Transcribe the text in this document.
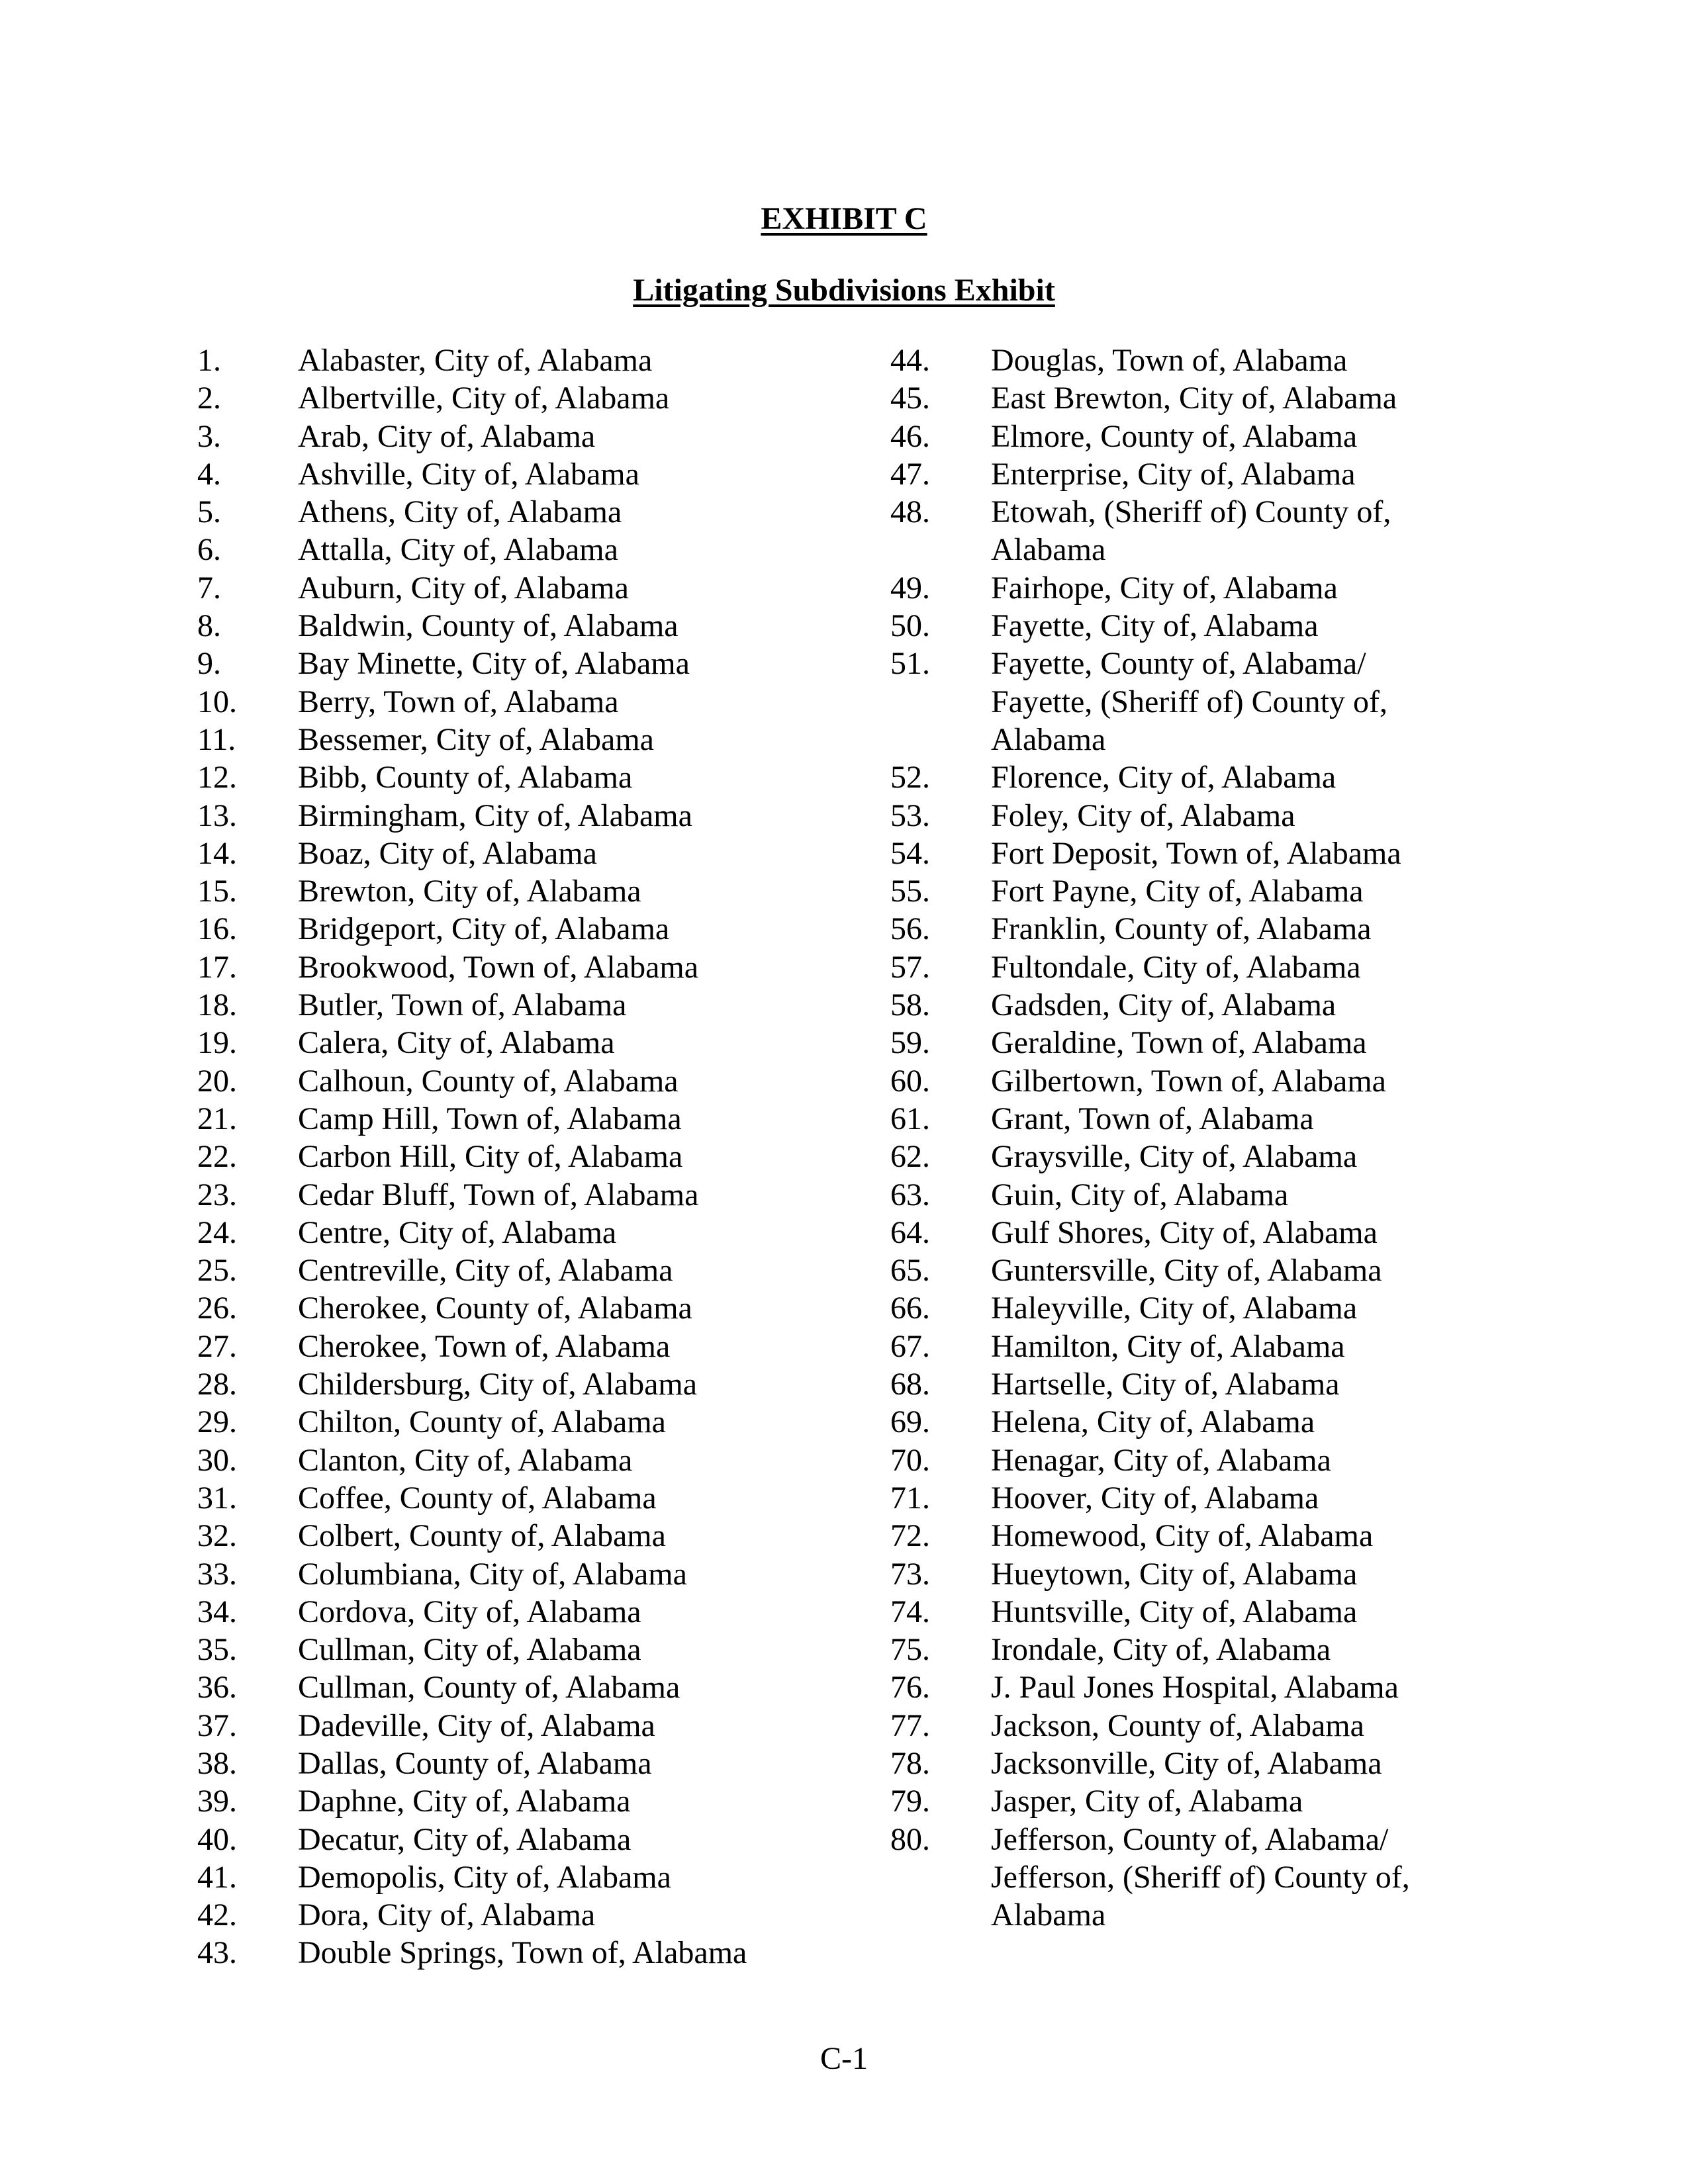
EXHIBIT C
Litigating Subdivisions Exhibit
1. Alabaster, City of, Alabama
2. Albertville, City of, Alabama
3. Arab, City of, Alabama
4. Ashville, City of, Alabama
5. Athens, City of, Alabama
6. Attalla, City of, Alabama
7. Auburn, City of, Alabama
8. Baldwin, County of, Alabama
9. Bay Minette, City of, Alabama
10. Berry, Town of, Alabama
11. Bessemer, City of, Alabama
12. Bibb, County of, Alabama
13. Birmingham, City of, Alabama
14. Boaz, City of, Alabama
15. Brewton, City of, Alabama
16. Bridgeport, City of, Alabama
17. Brookwood, Town of, Alabama
18. Butler, Town of, Alabama
19. Calera, City of, Alabama
20. Calhoun, County of, Alabama
21. Camp Hill, Town of, Alabama
22. Carbon Hill, City of, Alabama
23. Cedar Bluff, Town of, Alabama
24. Centre, City of, Alabama
25. Centreville, City of, Alabama
26. Cherokee, County of, Alabama
27. Cherokee, Town of, Alabama
28. Childersburg, City of, Alabama
29. Chilton, County of, Alabama
30. Clanton, City of, Alabama
31. Coffee, County of, Alabama
32. Colbert, County of, Alabama
33. Columbiana, City of, Alabama
34. Cordova, City of, Alabama
35. Cullman, City of, Alabama
36. Cullman, County of, Alabama
37. Dadeville, City of, Alabama
38. Dallas, County of, Alabama
39. Daphne, City of, Alabama
40. Decatur, City of, Alabama
41. Demopolis, City of, Alabama
42. Dora, City of, Alabama
43. Double Springs, Town of, Alabama
44. Douglas, Town of, Alabama
45. East Brewton, City of, Alabama
46. Elmore, County of, Alabama
47. Enterprise, City of, Alabama
48. Etowah, (Sheriff of) County of,
Alabama
49. Fairhope, City of, Alabama
50. Fayette, City of, Alabama
51. Fayette, County of, Alabama/
Fayette, (Sheriff of) County of,
Alabama
52. Florence, City of, Alabama
53. Foley, City of, Alabama
54. Fort Deposit, Town of, Alabama
55. Fort Payne, City of, Alabama
56. Franklin, County of, Alabama
57. Fultondale, City of, Alabama
58. Gadsden, City of, Alabama
59. Geraldine, Town of, Alabama
60. Gilbertown, Town of, Alabama
61. Grant, Town of, Alabama
62. Graysville, City of, Alabama
63. Guin, City of, Alabama
64. Gulf Shores, City of, Alabama
65. Guntersville, City of, Alabama
66. Haleyville, City of, Alabama
67. Hamilton, City of, Alabama
68. Hartselle, City of, Alabama
69. Helena, City of, Alabama
70. Henagar, City of, Alabama
71. Hoover, City of, Alabama
72. Homewood, City of, Alabama
73. Hueytown, City of, Alabama
74. Huntsville, City of, Alabama
75. Irondale, City of, Alabama
76. J. Paul Jones Hospital, Alabama
77. Jackson, County of, Alabama
78. Jacksonville, City of, Alabama
79. Jasper, City of, Alabama
80. Jefferson, County of, Alabama/
Jefferson, (Sheriff of) County of,
Alabama
C-1
